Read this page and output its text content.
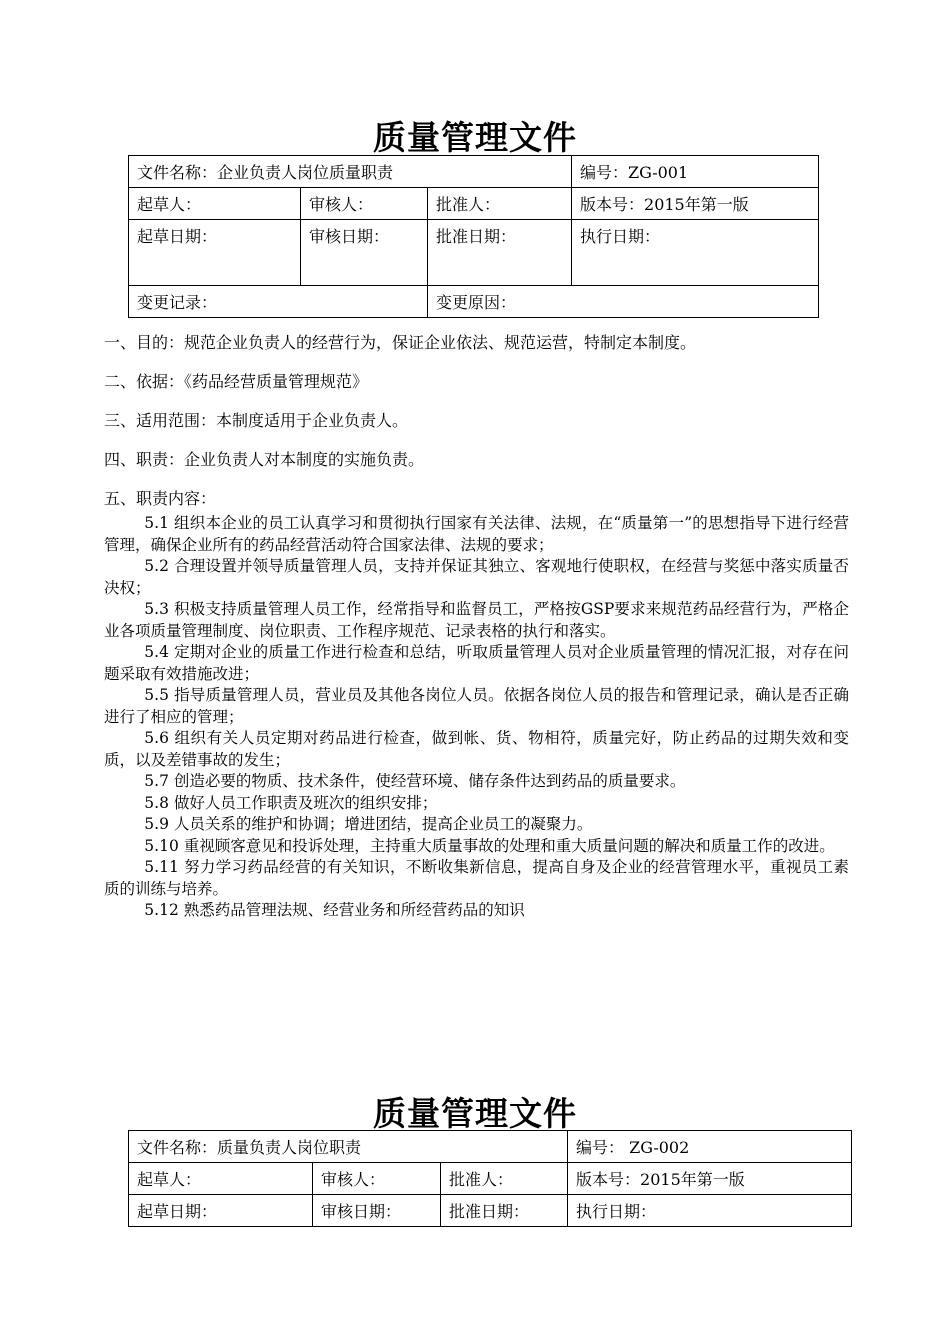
质量管理文件
文件名称：企业负责人岗位质量职责			编号：ZG-001
起草人：	审核人：	批准人：	版本号：2015年第一版
起草日期：	审核日期：	批准日期：	执行日期：
变更记录：		变更原因：	
一、目的：规范企业负责人的经营行为，保证企业依法、规范运营，特制定本制度。
二、依据：《药品经营质量管理规范》
三、适用范围：本制度适用于企业负责人。
四、职责：企业负责人对本制度的实施负责。
五、职责内容：

5.1 组织本企业的员工认真学习和贯彻执行国家有关法律、法规，在“质量第一”的思想指导下进行经营管理，确保企业所有的药品经营活动符合国家法律、法规的要求；

5.2 合理设置并领导质量管理人员，支持并保证其独立、客观地行使职权，在经营与奖惩中落实质量否决权；

5.3 积极支持质量管理人员工作，经常指导和监督员工，严格按GSP要求来规范药品经营行为，严格企业各项质量管理制度、岗位职责、工作程序规范、记录表格的执行和落实。

5.4 定期对企业的质量工作进行检查和总结，听取质量管理人员对企业质量管理的情况汇报，对存在问题采取有效措施改进；

5.5 指导质量管理人员，营业员及其他各岗位人员。依据各岗位人员的报告和管理记录，确认是否正确进行了相应的管理；

5.6 组织有关人员定期对药品进行检查，做到帐、货、物相符，质量完好，防止药品的过期失效和变质，以及差错事故的发生；

5.7 创造必要的物质、技术条件，使经营环境、储存条件达到药品的质量要求。

5.8 做好人员工作职责及班次的组织安排；

5.9 人员关系的维护和协调；增进团结，提高企业员工的凝聚力。

5.10 重视顾客意见和投诉处理，主持重大质量事故的处理和重大质量问题的解决和质量工作的改进。

5.11 努力学习药品经营的有关知识，不断收集新信息，提高自身及企业的经营管理水平，重视员工素质的训练与培养。

5.12 熟悉药品管理法规、经营业务和所经营药品的知识

质量管理文件
文件名称：质量负责人岗位职责			编号： ZG-002
起草人：	审核人：	批准人：	版本号：2015年第一版
起草日期：	审核日期：	批准日期：	执行日期：
